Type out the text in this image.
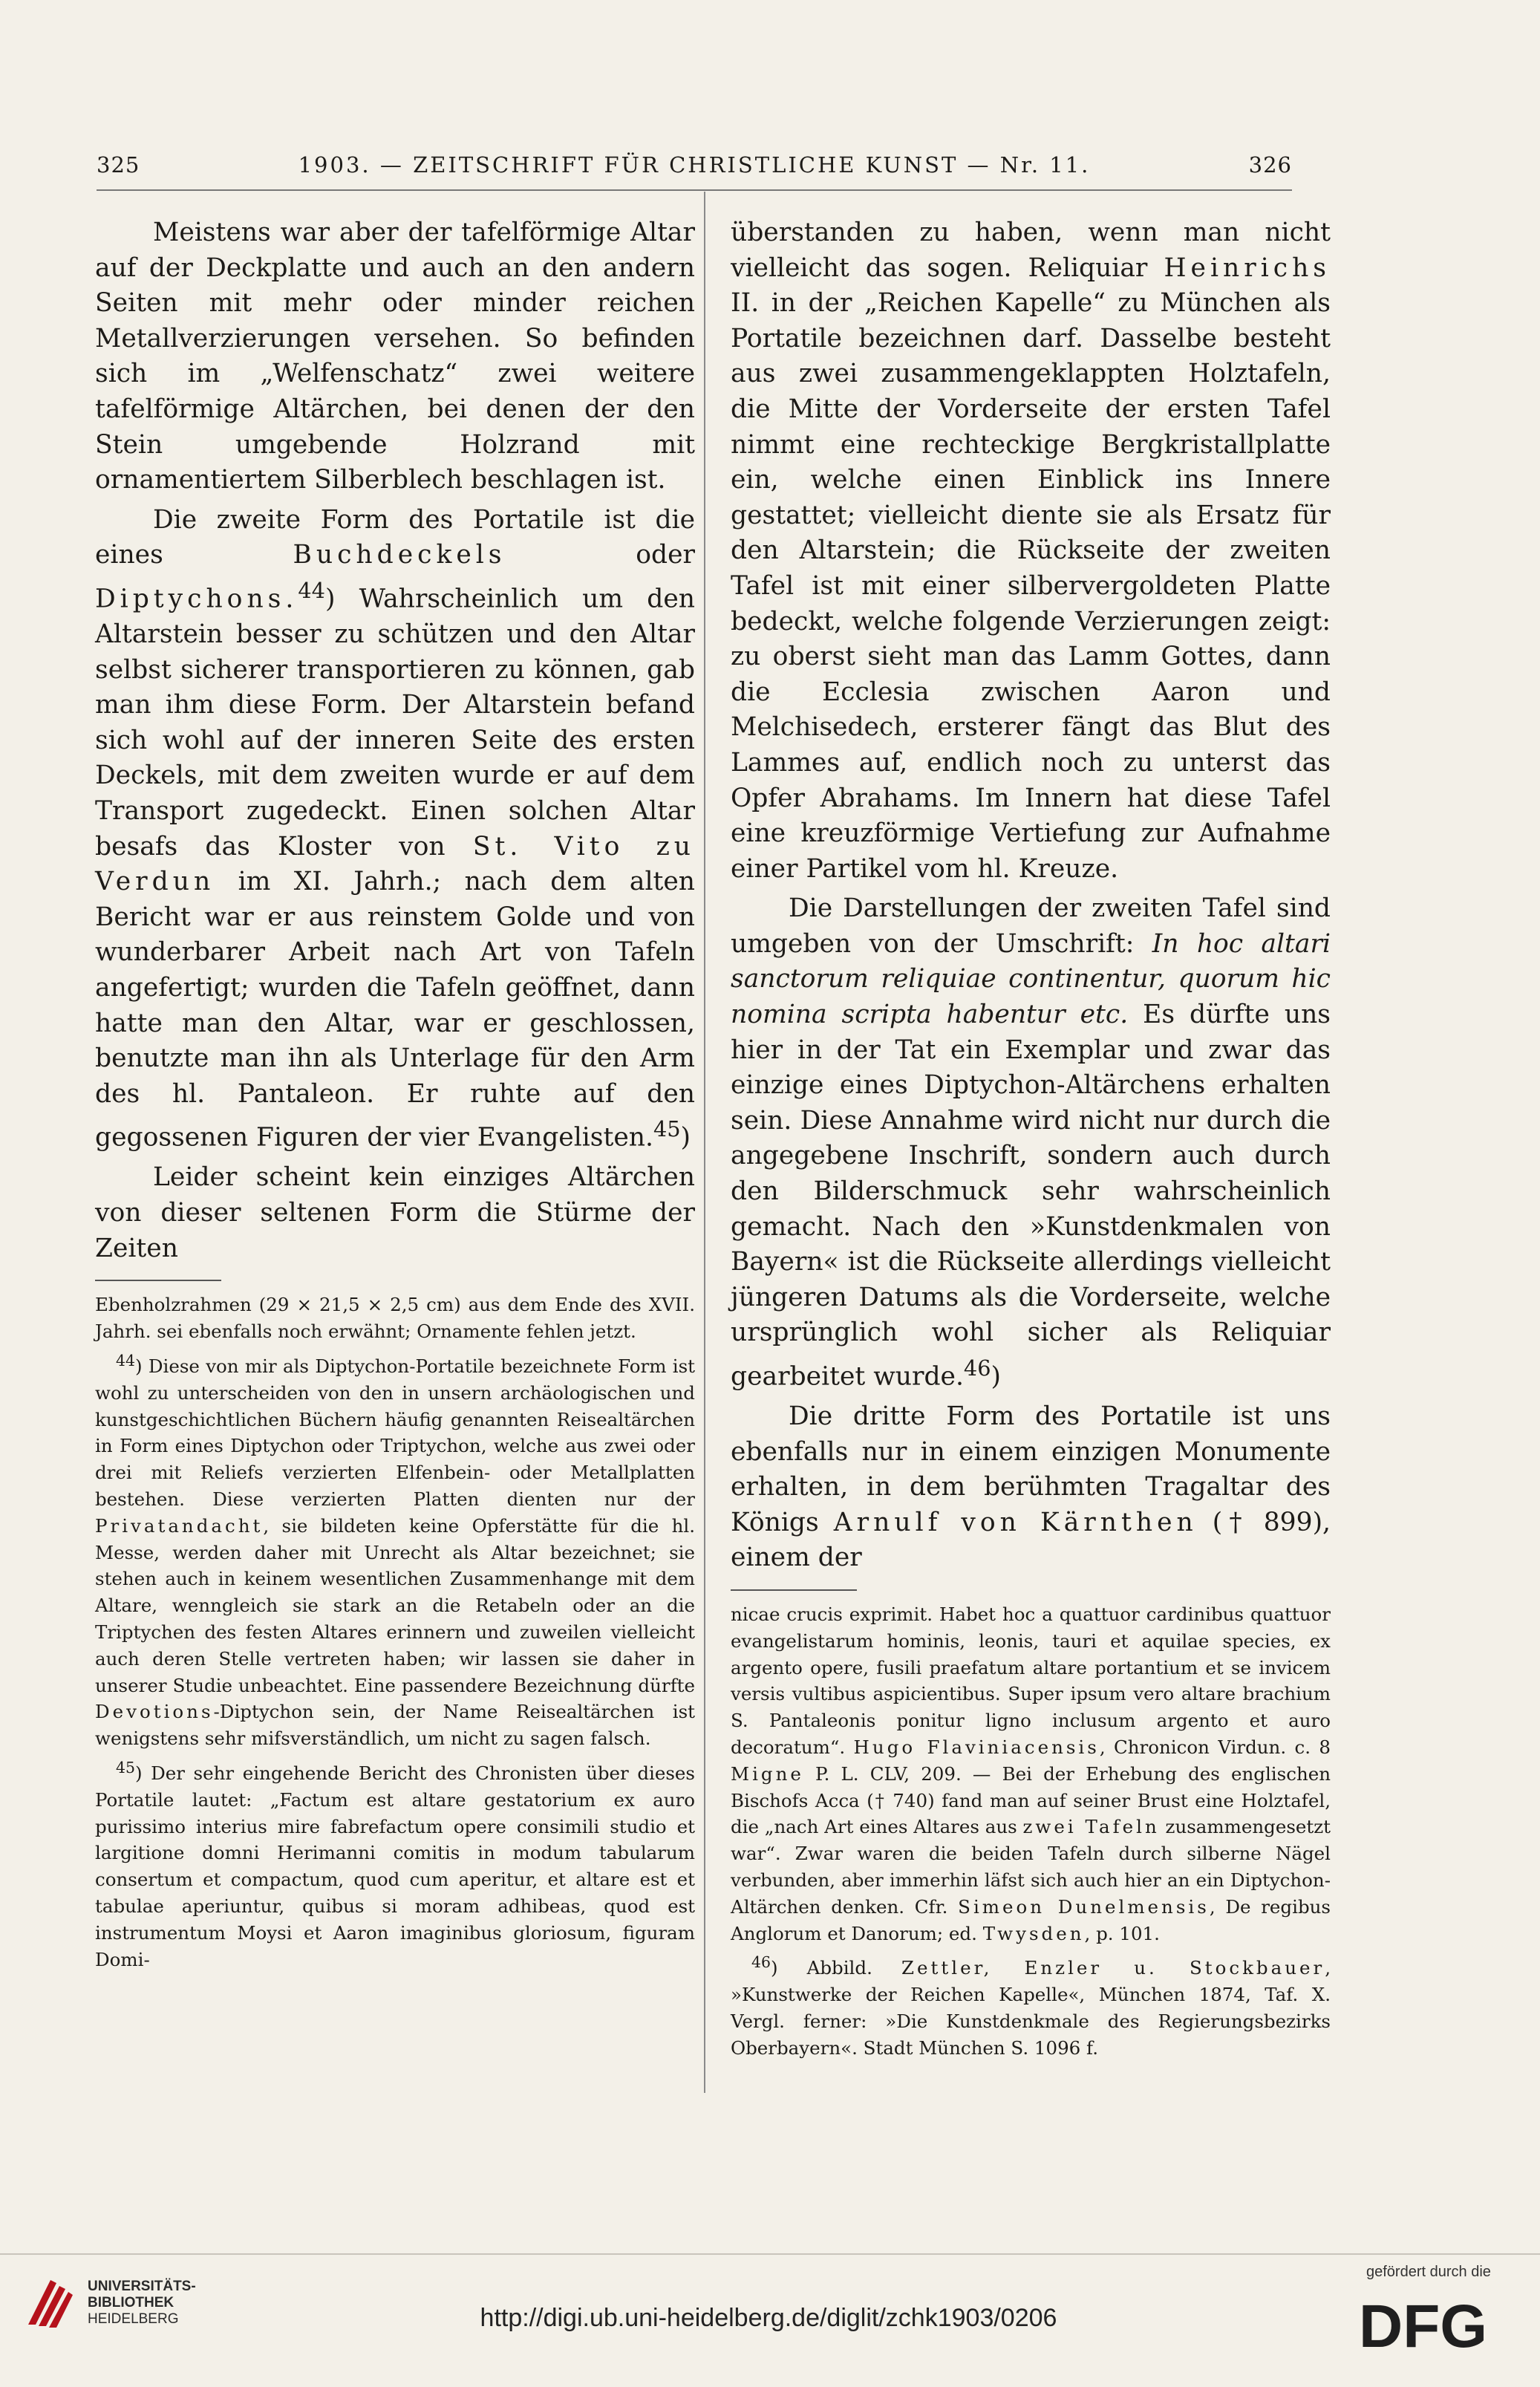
325	1903. — ZEITSCHRIFT FÜR CHRISTLICHE KUNST — Nr. 11.	326

Meistens war aber der tafelförmige Altar auf der Deckplatte und auch an den andern Seiten mit mehr oder minder reichen Metallverzierungen versehen. So befinden sich im „Welfenschatz“ zwei weitere tafelförmige Altärchen, bei denen der den Stein umgebende Holzrand mit ornamentiertem Silberblech beschlagen ist.

Die zweite Form des Portatile ist die eines Buchdeckels oder Diptychons.$^{44}$) Wahrscheinlich um den Altarstein besser zu schützen und den Altar selbst sicherer transportieren zu können, gab man ihm diese Form. Der Altarstein befand sich wohl auf der inneren Seite des ersten Deckels, mit dem zweiten wurde er auf dem Transport zugedeckt. Einen solchen Altar besafs das Kloster von St. Vito zu Verdun im XI. Jahrh.; nach dem alten Bericht war er aus reinstem Golde und von wunderbarer Arbeit nach Art von Tafeln angefertigt; wurden die Tafeln geöffnet, dann hatte man den Altar, war er geschlossen, benutzte man ihn als Unterlage für den Arm des hl. Pantaleon. Er ruhte auf den gegossenen Figuren der vier Evangelisten.$^{45}$)

Leider scheint kein einziges Altärchen von dieser seltenen Form die Stürme der Zeiten

Ebenholzrahmen (29 × 21,5 × 2,5 cm) aus dem Ende des XVII. Jahrh. sei ebenfalls noch erwähnt; Ornamente fehlen jetzt.

$^{44}$) Diese von mir als Diptychon-Portatile bezeichnete Form ist wohl zu unterscheiden von den in unsern archäologischen und kunstgeschichtlichen Büchern häufig genannten Reisealtärchen in Form eines Diptychon oder Triptychon, welche aus zwei oder drei mit Reliefs verzierten Elfenbein- oder Metallplatten bestehen. Diese verzierten Platten dienten nur der Privatandacht, sie bildeten keine Opferstätte für die hl. Messe, werden daher mit Unrecht als Altar bezeichnet; sie stehen auch in keinem wesentlichen Zusammenhange mit dem Altare, wenngleich sie stark an die Retabeln oder an die Triptychen des festen Altares erinnern und zuweilen vielleicht auch deren Stelle vertreten haben; wir lassen sie daher in unserer Studie unbeachtet. Eine passendere Bezeichnung dürfte Devotions-Diptychon sein, der Name Reisealtärchen ist wenigstens sehr mifsverständlich, um nicht zu sagen falsch.

$^{45}$) Der sehr eingehende Bericht des Chronisten über dieses Portatile lautet: „Factum est altare gestatorium ex auro purissimo interius mire fabrefactum opere consimili studio et largitione domni Herimanni comitis in modum tabularum consertum et compactum, quod cum aperitur, et altare est et tabulae aperiuntur, quibus si moram adhibeas, quod est instrumentum Moysi et Aaron imaginibus gloriosum, figuram Domi-

überstanden zu haben, wenn man nicht vielleicht das sogen. Reliquiar Heinrichs II. in der „Reichen Kapelle“ zu München als Portatile bezeichnen darf. Dasselbe besteht aus zwei zusammengeklappten Holztafeln, die Mitte der Vorderseite der ersten Tafel nimmt eine rechteckige Bergkristallplatte ein, welche einen Einblick ins Innere gestattet; vielleicht diente sie als Ersatz für den Altarstein; die Rückseite der zweiten Tafel ist mit einer silbervergoldeten Platte bedeckt, welche folgende Verzierungen zeigt: zu oberst sieht man das Lamm Gottes, dann die Ecclesia zwischen Aaron und Melchisedech, ersterer fängt das Blut des Lammes auf, endlich noch zu unterst das Opfer Abrahams. Im Innern hat diese Tafel eine kreuzförmige Vertiefung zur Aufnahme einer Partikel vom hl. Kreuze.

Die Darstellungen der zweiten Tafel sind umgeben von der Umschrift: In hoc altari sanctorum reliquiae continentur, quorum hic nomina scripta habentur etc. Es dürfte uns hier in der Tat ein Exemplar und zwar das einzige eines Diptychon-Altärchens erhalten sein. Diese Annahme wird nicht nur durch die angegebene Inschrift, sondern auch durch den Bilderschmuck sehr wahrscheinlich gemacht. Nach den »Kunstdenkmalen von Bayern« ist die Rückseite allerdings vielleicht jüngeren Datums als die Vorderseite, welche ursprünglich wohl sicher als Reliquiar gearbeitet wurde.$^{46}$)

Die dritte Form des Portatile ist uns ebenfalls nur in einem einzigen Monumente erhalten, in dem berühmten Tragaltar des Königs Arnulf von Kärnthen († 899), einem der

nicae crucis exprimit. Habet hoc a quattuor cardinibus quattuor evangelistarum hominis, leonis, tauri et aquilae species, ex argento opere, fusili praefatum altare portantium et se invicem versis vultibus aspicientibus. Super ipsum vero altare brachium S. Pantaleonis ponitur ligno inclusum argento et auro decoratum“. Hugo Flaviniacensis, Chronicon Virdun. c. 8 Migne P. L. CLV, 209. — Bei der Erhebung des englischen Bischofs Acca († 740) fand man auf seiner Brust eine Holztafel, die „nach Art eines Altares aus zwei Tafeln zusammengesetzt war“. Zwar waren die beiden Tafeln durch silberne Nägel verbunden, aber immerhin läfst sich auch hier an ein Diptychon-Altärchen denken. Cfr. Simeon Dunelmensis, De regibus Anglorum et Danorum; ed. Twysden, p. 101.

$^{46}$) Abbild. Zettler, Enzler u. Stockbauer, »Kunstwerke der Reichen Kapelle«, München 1874, Taf. X. Vergl. ferner: »Die Kunstdenkmale des Regierungsbezirks Oberbayern«. Stadt München S. 1096 f.

UNIVERSITÄTS-
BIBLIOTHEK
HEIDELBERG	http://digi.ub.uni-heidelberg.de/diglit/zchk1903/0206
gefördert durch die
DFG
